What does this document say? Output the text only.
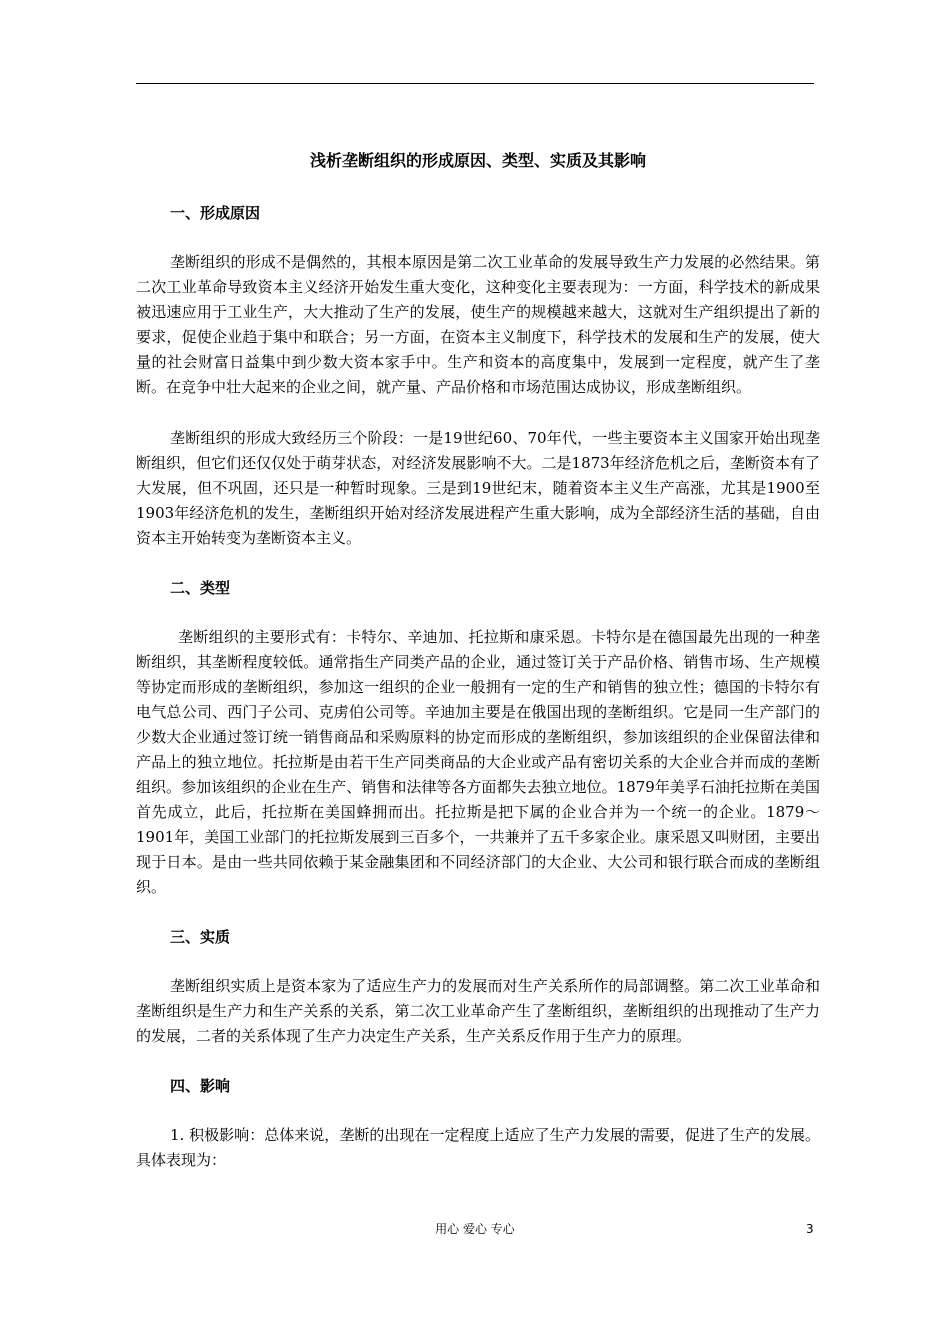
浅析垄断组织的形成原因、类型、实质及其影响
一、形成原因

垄断组织的形成不是偶然的，其根本原因是第二次工业革命的发展导致生产力发展的必然结果。第二次工业革命导致资本主义经济开始发生重大变化，这种变化主要表现为：一方面，科学技术的新成果被迅速应用于工业生产，大大推动了生产的发展，使生产的规模越来越大，这就对生产组织提出了新的要求，促使企业趋于集中和联合；另一方面，在资本主义制度下，科学技术的发展和生产的发展，使大量的社会财富日益集中到少数大资本家手中。生产和资本的高度集中，发展到一定程度，就产生了垄断。在竞争中壮大起来的企业之间，就产量、产品价格和市场范围达成协议，形成垄断组织。

垄断组织的形成大致经历三个阶段：一是19世纪60、70年代，一些主要资本主义国家开始出现垄断组织，但它们还仅仅处于萌芽状态，对经济发展影响不大。二是1873年经济危机之后，垄断资本有了大发展，但不巩固，还只是一种暂时现象。三是到19世纪末，随着资本主义生产高涨，尤其是1900至1903年经济危机的发生，垄断组织开始对经济发展进程产生重大影响，成为全部经济生活的基础，自由资本主开始转变为垄断资本主义。

二、类型

垄断组织的主要形式有：卡特尔、辛迪加、托拉斯和康采恩。卡特尔是在德国最先出现的一种垄断组织，其垄断程度较低。通常指生产同类产品的企业，通过签订关于产品价格、销售市场、生产规模等协定而形成的垄断组织，参加这一组织的企业一般拥有一定的生产和销售的独立性；德国的卡特尔有电气总公司、西门子公司、克虏伯公司等。辛迪加主要是在俄国出现的垄断组织。它是同一生产部门的少数大企业通过签订统一销售商品和采购原料的协定而形成的垄断组织，参加该组织的企业保留法律和产品上的独立地位。托拉斯是由若干生产同类商品的大企业或产品有密切关系的大企业合并而成的垄断组织。参加该组织的企业在生产、销售和法律等各方面都失去独立地位。1879年美孚石油托拉斯在美国首先成立，此后，托拉斯在美国蜂拥而出。托拉斯是把下属的企业合并为一个统一的企业。1879～1901年，美国工业部门的托拉斯发展到三百多个，一共兼并了五千多家企业。康采恩又叫财团，主要出现于日本。是由一些共同依赖于某金融集团和不同经济部门的大企业、大公司和银行联合而成的垄断组织。

三、实质

垄断组织实质上是资本家为了适应生产力的发展而对生产关系所作的局部调整。第二次工业革命和垄断组织是生产力和生产关系的关系，第二次工业革命产生了垄断组织，垄断组织的出现推动了生产力的发展，二者的关系体现了生产力决定生产关系，生产关系反作用于生产力的原理。

四、影响

1. 积极影响：总体来说，垄断的出现在一定程度上适应了生产力发展的需要，促进了生产的发展。具体表现为：

用心 爱心 专心	3
